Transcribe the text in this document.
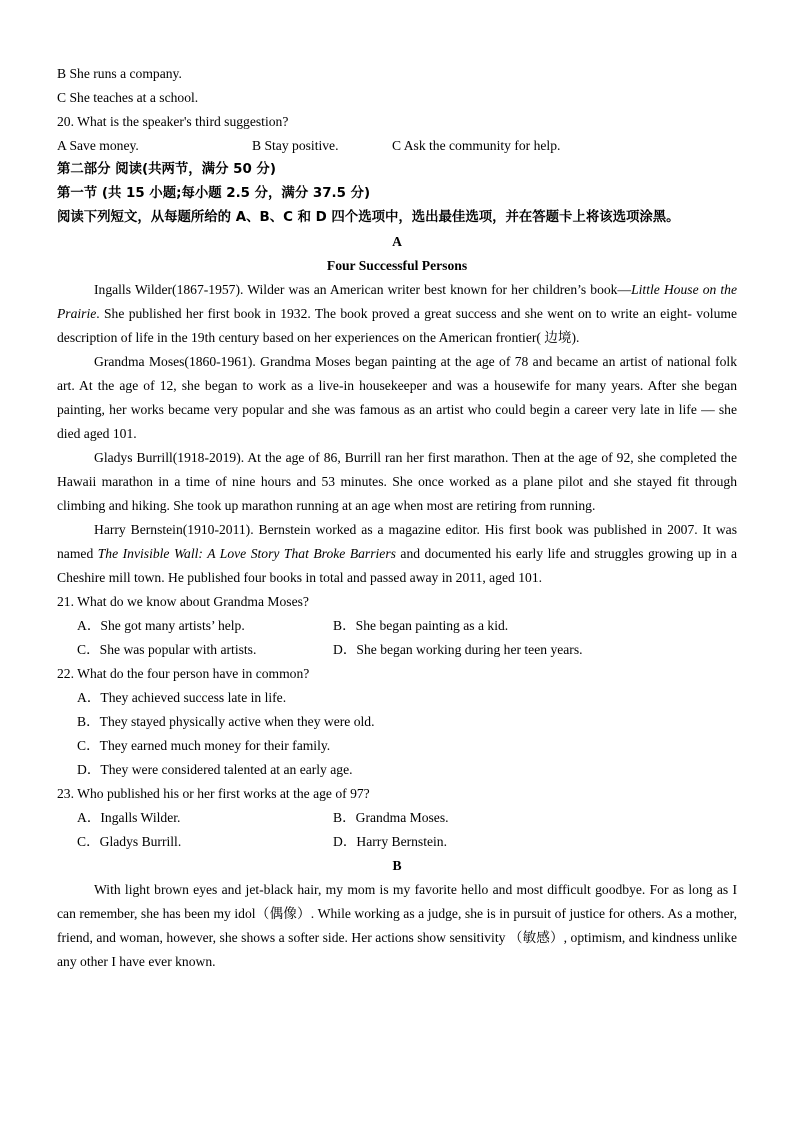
B She runs a company.
C She teaches at a school.
20. What is the speaker's third suggestion?
A Save money.	B Stay positive.	C Ask the community for help.
第二部分 阅读(共两节，满分 50 分)
第一节 (共 15 小题;每小题 2.5 分，满分 37.5 分)
阅读下列短文，从每题所给的 A、B、C 和 D 四个选项中，选出最佳选项，并在答题卡上将该选项涂黑。
A
Four Successful Persons
Ingalls Wilder(1867-1957). Wilder was an American writer best known for her children’s book—Little House on the Prairie. She published her first book in 1932. The book proved a great success and she went on to write an eight- volume description of life in the 19th century based on her experiences on the American frontier( 边境).
Grandma Moses(1860-1961). Grandma Moses began painting at the age of 78 and became an artist of national folk art. At the age of 12, she began to work as a live-in housekeeper and was a housewife for many years. After she began painting, her works became very popular and she was famous as an artist who could begin a career very late in life — she died aged 101.
Gladys Burrill(1918-2019). At the age of 86, Burrill ran her first marathon. Then at the age of 92, she completed the Hawaii marathon in a time of nine hours and 53 minutes. She once worked as a plane pilot and she stayed fit through climbing and hiking. She took up marathon running at an age when most are retiring from running.
Harry Bernstein(1910-2011). Bernstein worked as a magazine editor. His first book was published in 2007. It was named The Invisible Wall: A Love Story That Broke Barriers and documented his early life and struggles growing up in a Cheshire mill town. He published four books in total and passed away in 2011, aged 101.
21. What do we know about Grandma Moses?
A．She got many artists’ help.	B．She began painting as a kid.
C．She was popular with artists.	D．She began working during her teen years.
22. What do the four person have in common?
A．They achieved success late in life.
B．They stayed physically active when they were old.
C．They earned much money for their family.
D．They were considered talented at an early age.
23. Who published his or her first works at the age of 97?
A．Ingalls Wilder.	B．Grandma Moses.
C．Gladys Burrill.	D．Harry Bernstein.
B
With light brown eyes and jet-black hair, my mom is my favorite hello and most difficult goodbye. For as long as I can remember, she has been my idol（偶像）. While working as a judge, she is in pursuit of justice for others. As a mother, friend, and woman, however, she shows a softer side. Her actions show sensitivity （敏感）, optimism, and kindness unlike any other I have ever known.
